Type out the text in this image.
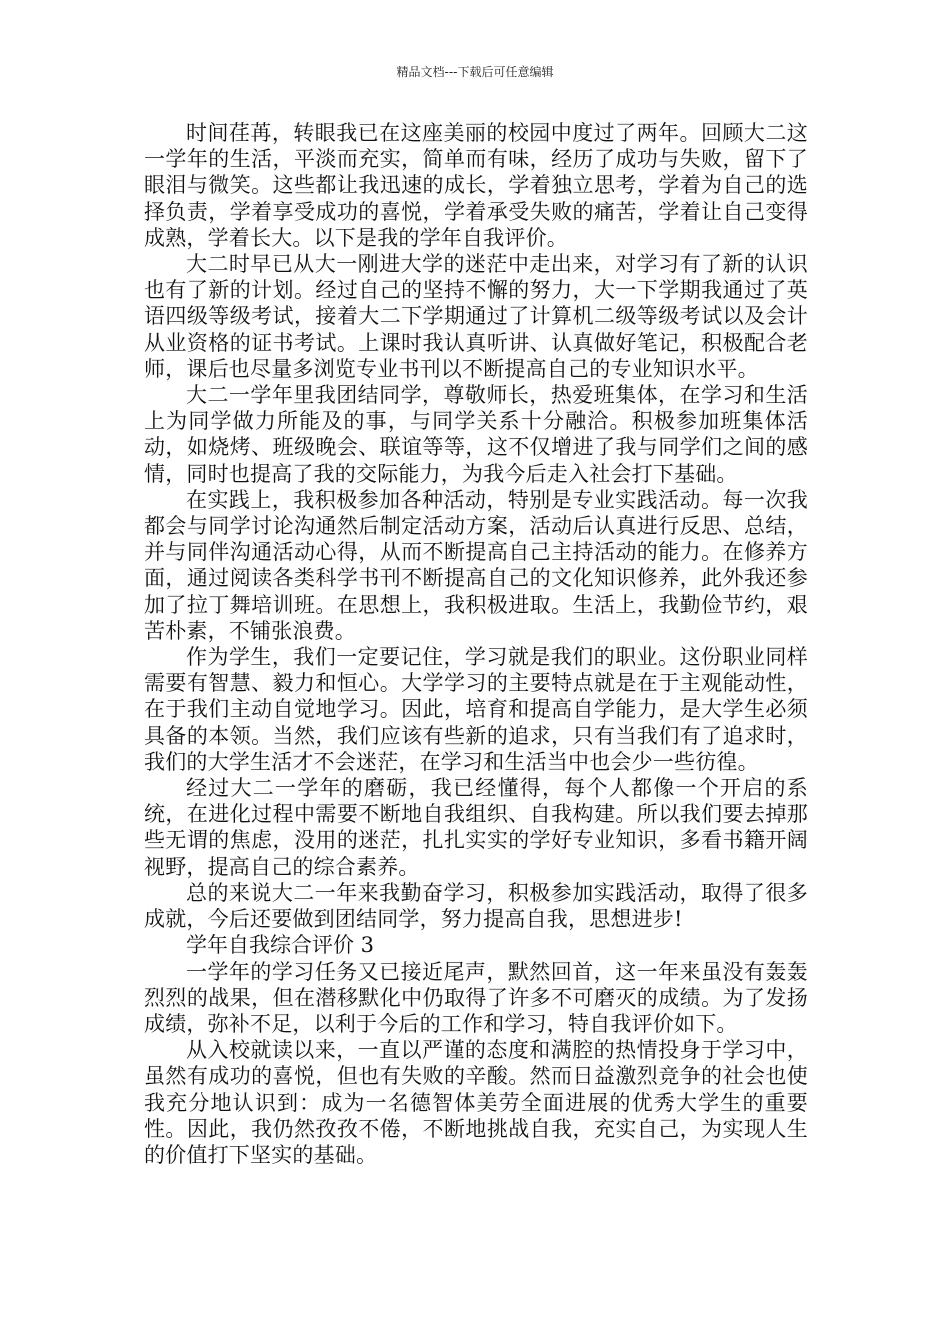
精品文档---下载后可任意编辑

时间荏苒，转眼我已在这座美丽的校园中度过了两年。回顾大二这一学年的生活，平淡而充实，简单而有味，经历了成功与失败，留下了眼泪与微笑。这些都让我迅速的成长，学着独立思考，学着为自己的选择负责，学着享受成功的喜悦，学着承受失败的痛苦，学着让自己变得成熟，学着长大。以下是我的学年自我评价。

大二时早已从大一刚进大学的迷茫中走出来，对学习有了新的认识也有了新的计划。经过自己的坚持不懈的努力，大一下学期我通过了英语四级等级考试，接着大二下学期通过了计算机二级等级考试以及会计从业资格的证书考试。上课时我认真听讲、认真做好笔记，积极配合老师，课后也尽量多浏览专业书刊以不断提高自己的专业知识水平。

大二一学年里我团结同学，尊敬师长，热爱班集体，在学习和生活上为同学做力所能及的事，与同学关系十分融洽。积极参加班集体活动，如烧烤、班级晚会、联谊等等，这不仅增进了我与同学们之间的感情，同时也提高了我的交际能力，为我今后走入社会打下基础。

在实践上，我积极参加各种活动，特别是专业实践活动。每一次我都会与同学讨论沟通然后制定活动方案，活动后认真进行反思、总结，并与同伴沟通活动心得，从而不断提高自己主持活动的能力。在修养方面，通过阅读各类科学书刊不断提高自己的文化知识修养，此外我还参加了拉丁舞培训班。在思想上，我积极进取。生活上，我勤俭节约，艰苦朴素，不铺张浪费。

作为学生，我们一定要记住，学习就是我们的职业。这份职业同样需要有智慧、毅力和恒心。大学学习的主要特点就是在于主观能动性，在于我们主动自觉地学习。因此，培育和提高自学能力，是大学生必须具备的本领。当然，我们应该有些新的追求，只有当我们有了追求时，我们的大学生活才不会迷茫，在学习和生活当中也会少一些彷徨。

经过大二一学年的磨砺，我已经懂得，每个人都像一个开启的系统，在进化过程中需要不断地自我组织、自我构建。所以我们要去掉那些无谓的焦虑，没用的迷茫，扎扎实实的学好专业知识，多看书籍开阔视野，提高自己的综合素养。

总的来说大二一年来我勤奋学习，积极参加实践活动，取得了很多成就，今后还要做到团结同学，努力提高自我，思想进步!

学年自我综合评价 3

一学年的学习任务又已接近尾声，默然回首，这一年来虽没有轰轰烈烈的战果，但在潜移默化中仍取得了许多不可磨灭的成绩。为了发扬成绩，弥补不足，以利于今后的工作和学习，特自我评价如下。

从入校就读以来，一直以严谨的态度和满腔的热情投身于学习中，虽然有成功的喜悦，但也有失败的辛酸。然而日益激烈竞争的社会也使我充分地认识到：成为一名德智体美劳全面进展的优秀大学生的重要性。因此，我仍然孜孜不倦，不断地挑战自我，充实自己，为实现人生的价值打下坚实的基础。
